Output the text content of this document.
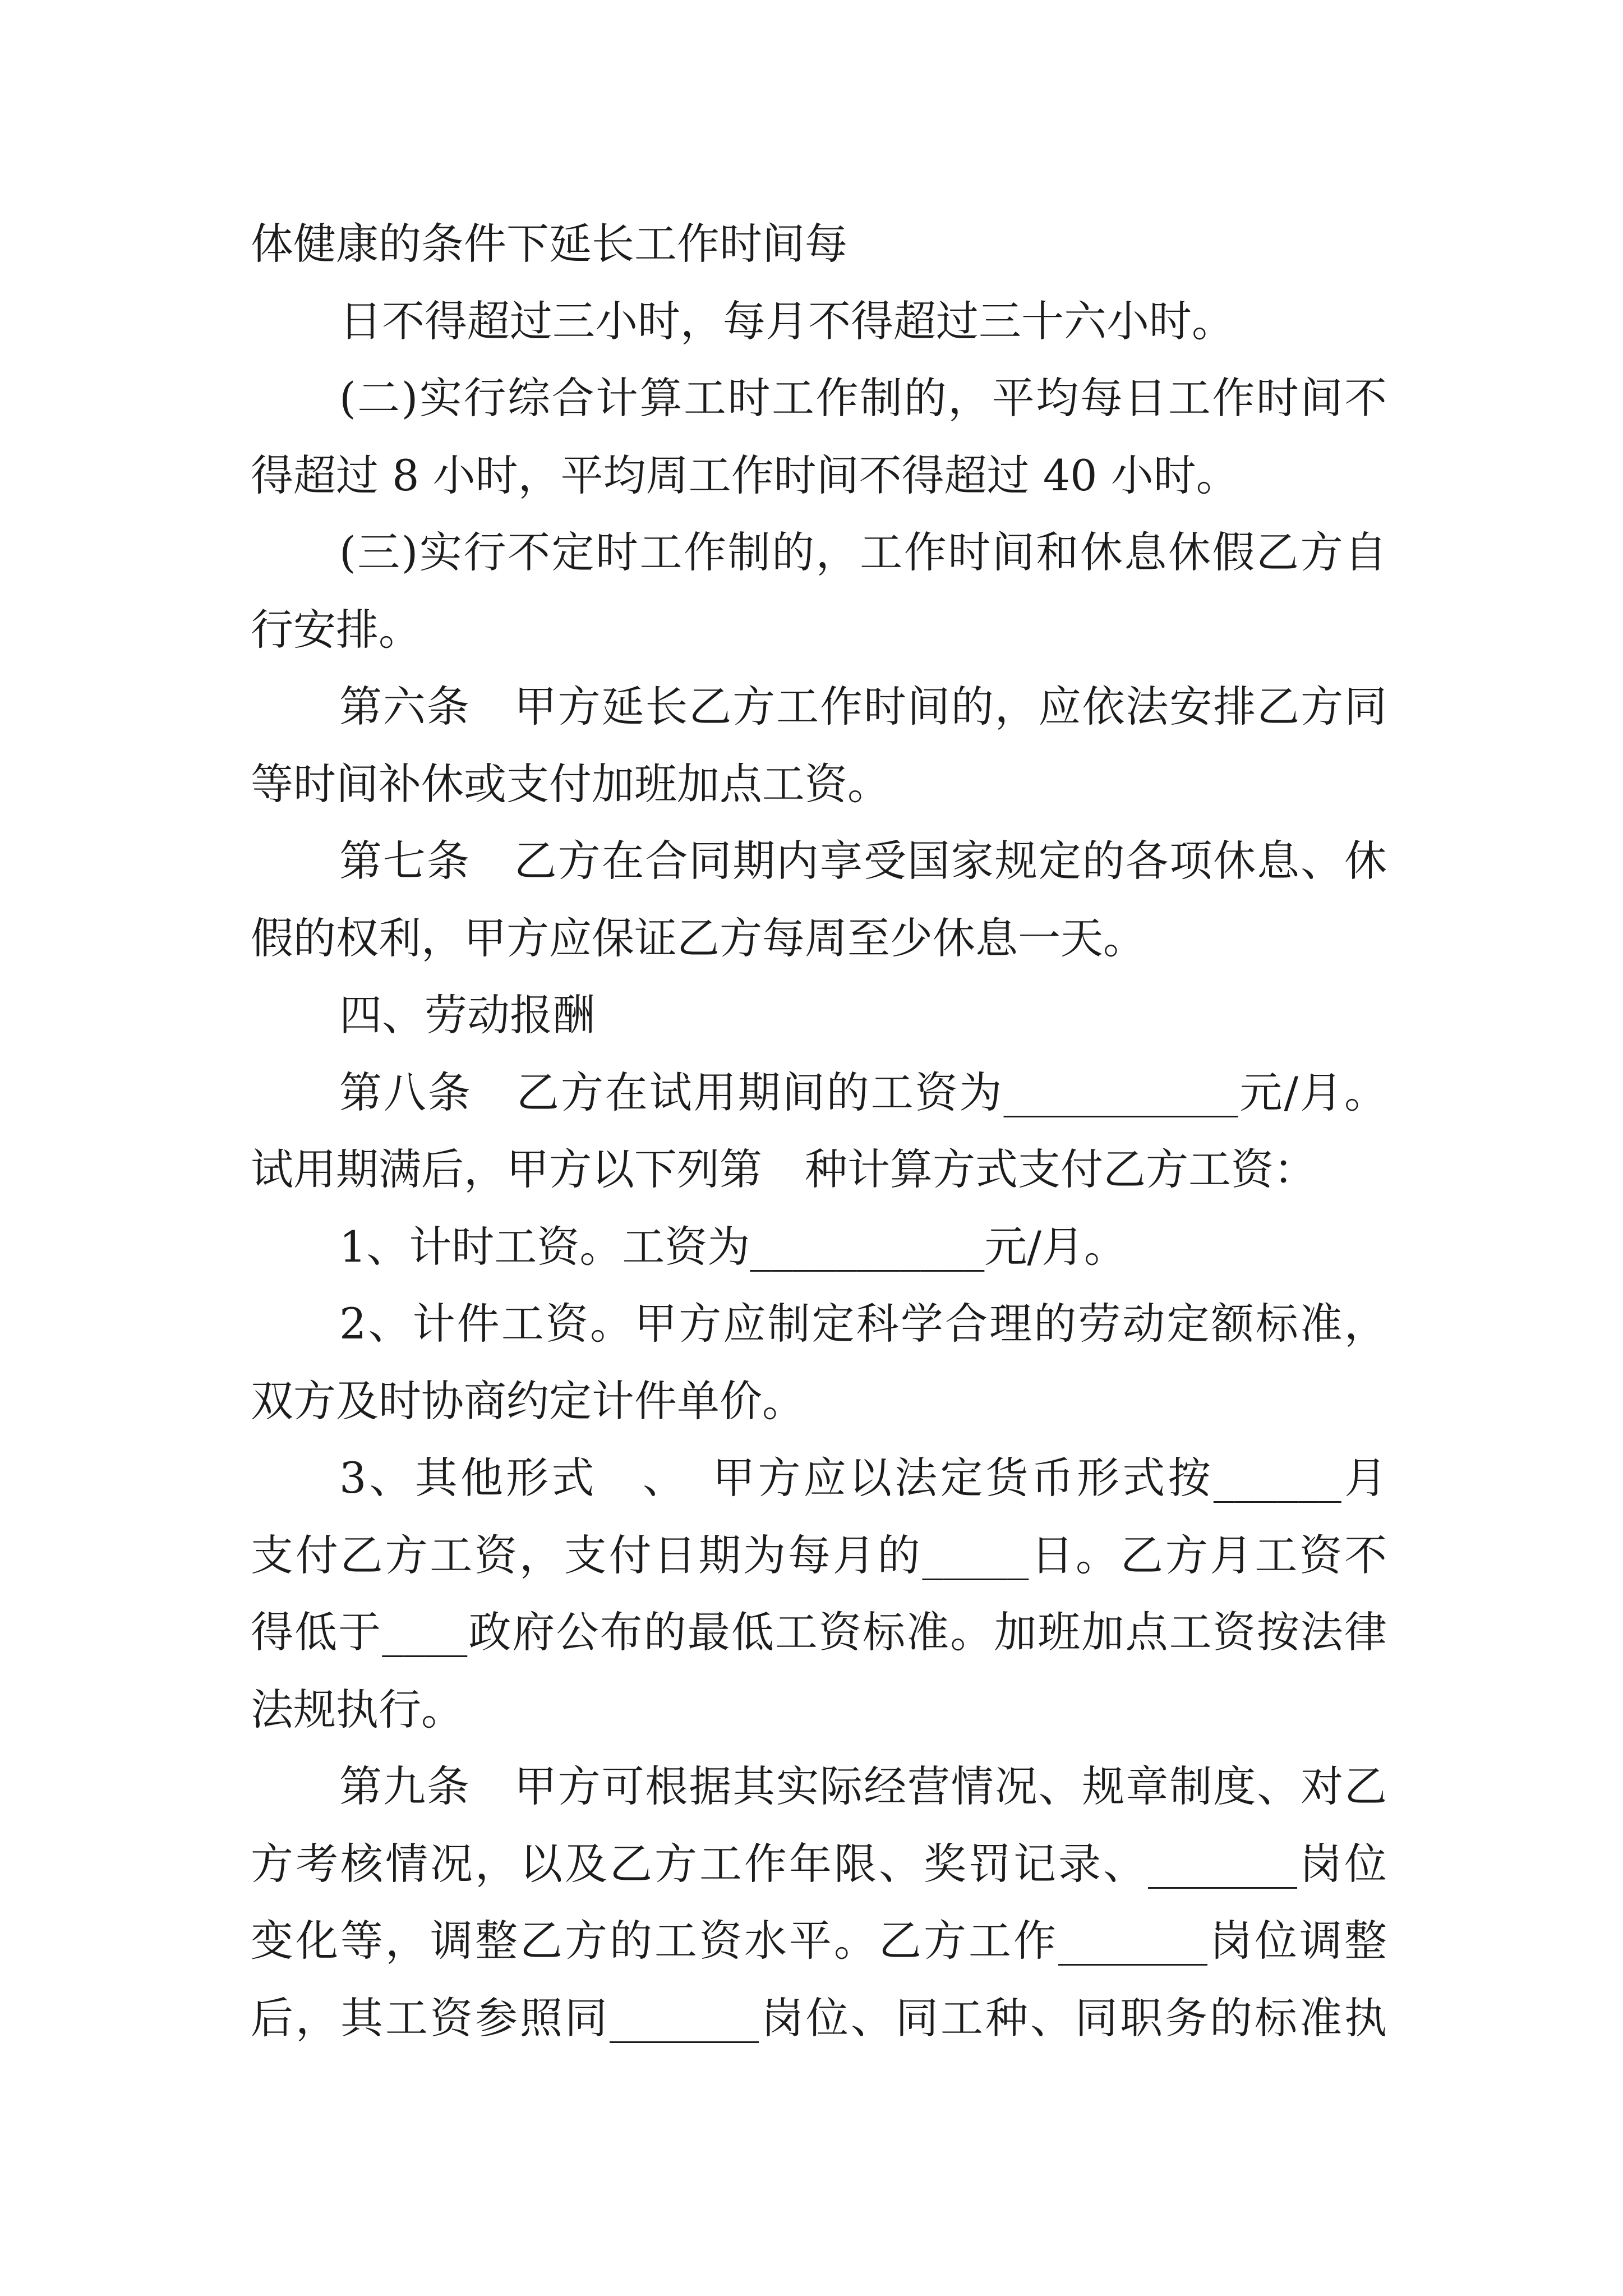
体健康的条件下延长工作时间每
日不得超过三小时，每月不得超过三十六小时。
(二)实行综合计算工时工作制的，平均每日工作时间不
得超过 8 小时，平均周工作时间不得超过 40 小时。
(三)实行不定时工作制的，工作时间和休息休假乙方自
行安排。
第六条　甲方延长乙方工作时间的，应依法安排乙方同
等时间补休或支付加班加点工资。
第七条　乙方在合同期内享受国家规定的各项休息、休
假的权利，甲方应保证乙方每周至少休息一天。
四、劳动报酬
第八条　乙方在试用期间的工资为___________元/月。
试用期满后，甲方以下列第　种计算方式支付乙方工资：
1、计时工资。工资为___________元/月。
2、计件工资。甲方应制定科学合理的劳动定额标准，
双方及时协商约定计件单价。
3、其他形式　、　甲方应以法定货币形式按______月
支付乙方工资，支付日期为每月的_____日。乙方月工资不
得低于____政府公布的最低工资标准。加班加点工资按法律
法规执行。
第九条　甲方可根据其实际经营情况、规章制度、对乙
方考核情况，以及乙方工作年限、奖罚记录、_______岗位
变化等，调整乙方的工资水平。乙方工作_______岗位调整
后，其工资参照同_______岗位、同工种、同职务的标准执
